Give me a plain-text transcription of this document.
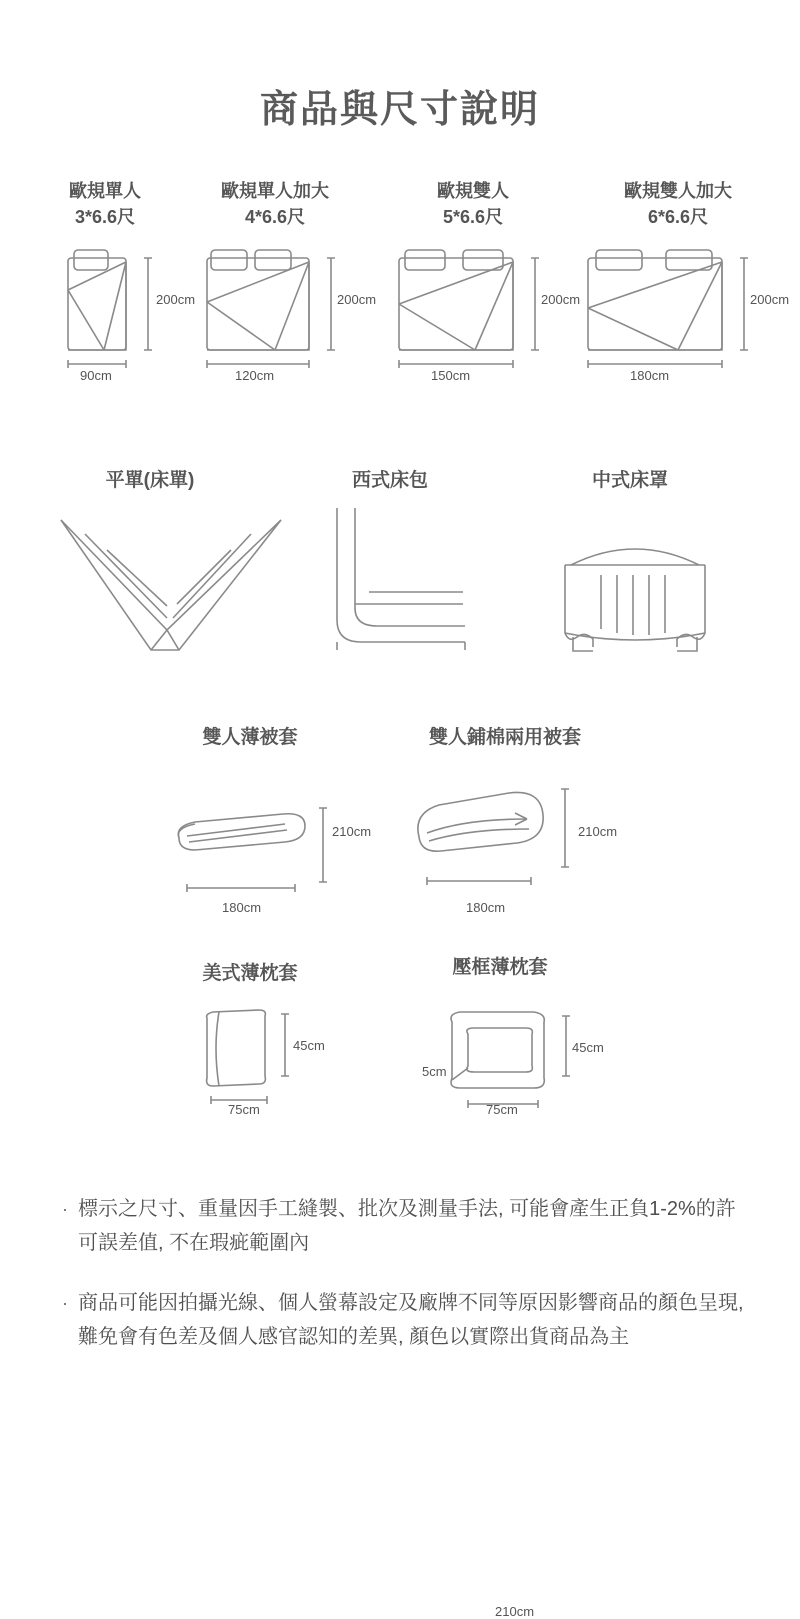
商品與尺寸說明
歐規單人
3*6.6尺
200cm
90cm
歐規單人加大
4*6.6尺
200cm
120cm
歐規雙人
5*6.6尺
200cm
150cm
歐規雙人加大
6*6.6尺
200cm
180cm
平單(床單)	西式床包	中式床罩
雙人薄被套	雙人鋪棉兩用被套
210cm
210cm
180cm
210cm
180cm
美式薄枕套	壓框薄枕套
45cm
75cm
45cm
5cm
75cm
· 標示之尺寸、重量因手工縫製、批次及測量手法, 可能會產生正負1-2%的許可誤差值, 不在瑕疵範圍內
· 商品可能因拍攝光線、個人螢幕設定及廠牌不同等原因影響商品的顏色呈現, 難免會有色差及個人感官認知的差異, 顏色以實際出貨商品為主
